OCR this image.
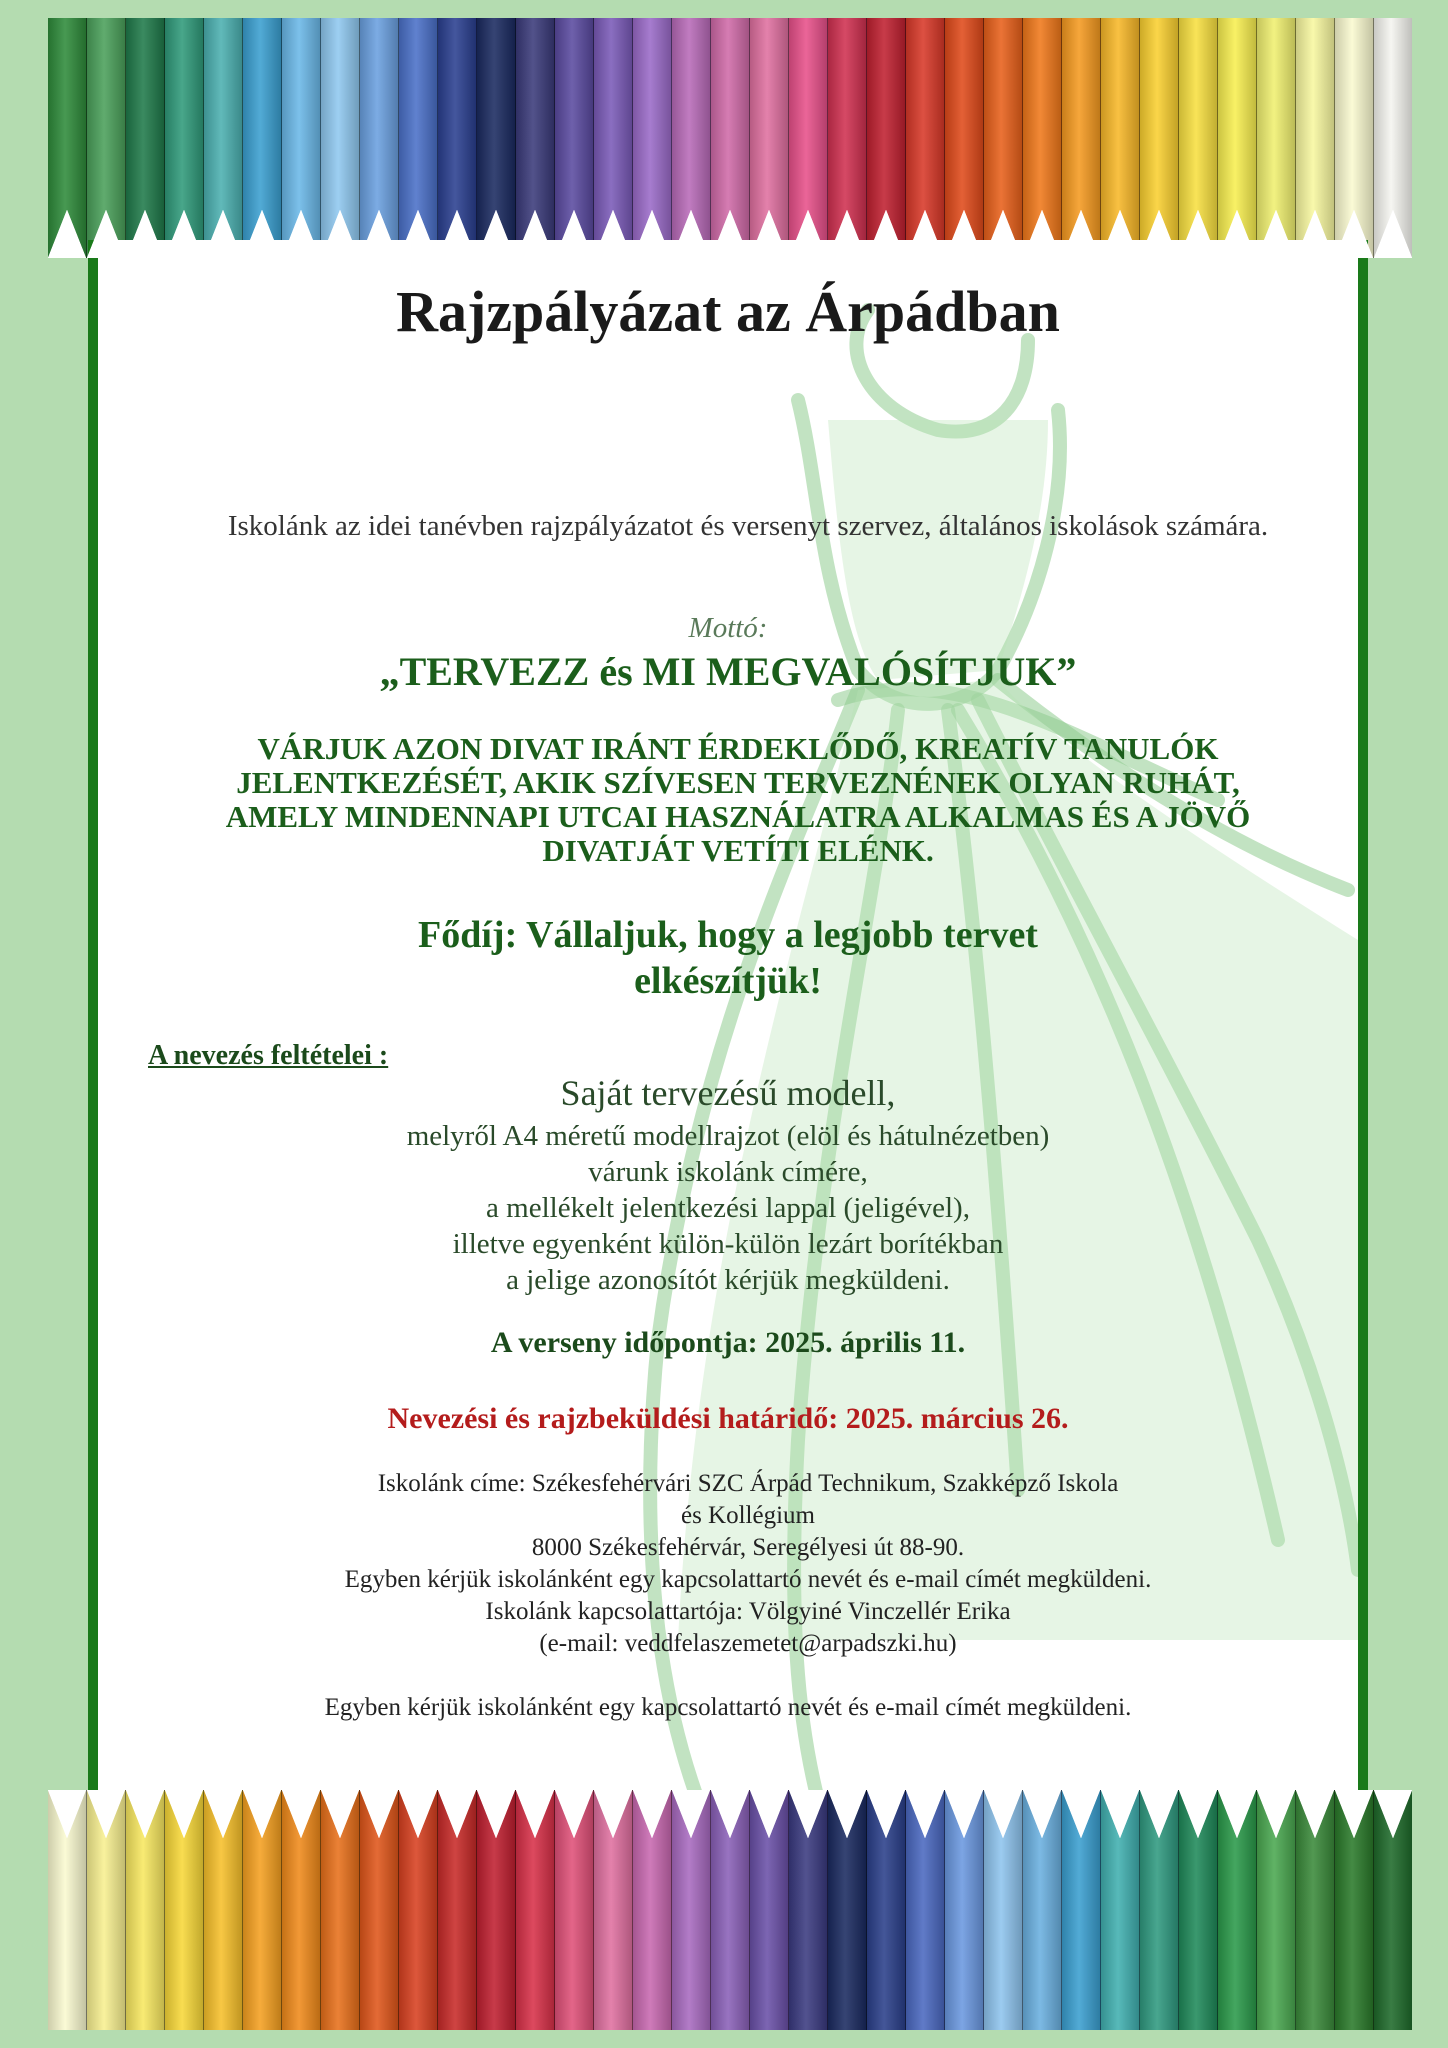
Rajzpályázat az Árpádban
Iskolánk az idei tanévben rajzpályázatot és versenyt szervez, általános iskolások számára.
Mottó:
„TERVEZZ és MI MEGVALÓSÍTJUK”
VÁRJUK AZON DIVAT IRÁNT ÉRDEKLŐDŐ, KREATÍV TANULÓK
JELENTKEZÉSÉT, AKIK SZÍVESEN TERVEZNÉNEK OLYAN RUHÁT,
AMELY MINDENNAPI UTCAI HASZNÁLATRA ALKALMAS ÉS A JÖVŐ
DIVATJÁT VETÍTI ELÉNK.
Fődíj: Vállaljuk, hogy a legjobb tervet
elkészítjük!
A nevezés feltételei :
Saját tervezésű modell,
melyről A4 méretű modellrajzot (elöl és hátulnézetben)
várunk iskolánk címére,
a mellékelt jelentkezési lappal (jeligével),
illetve egyenként külön-külön lezárt borítékban
a jelige azonosítót kérjük megküldeni.
A verseny időpontja: 2025. április 11.
Nevezési és rajzbeküldési határidő: 2025. március 26.
Iskolánk címe: Székesfehérvári SZC Árpád Technikum, Szakképző Iskola
és Kollégium
8000 Székesfehérvár, Seregélyesi út 88-90.
Egyben kérjük iskolánként egy kapcsolattartó nevét és e-mail címét megküldeni.
Iskolánk kapcsolattartója: Völgyiné Vinczellér Erika
(e-mail: veddfelaszemetet@arpadszki.hu)
Egyben kérjük iskolánként egy kapcsolattartó nevét és e-mail címét megküldeni.
